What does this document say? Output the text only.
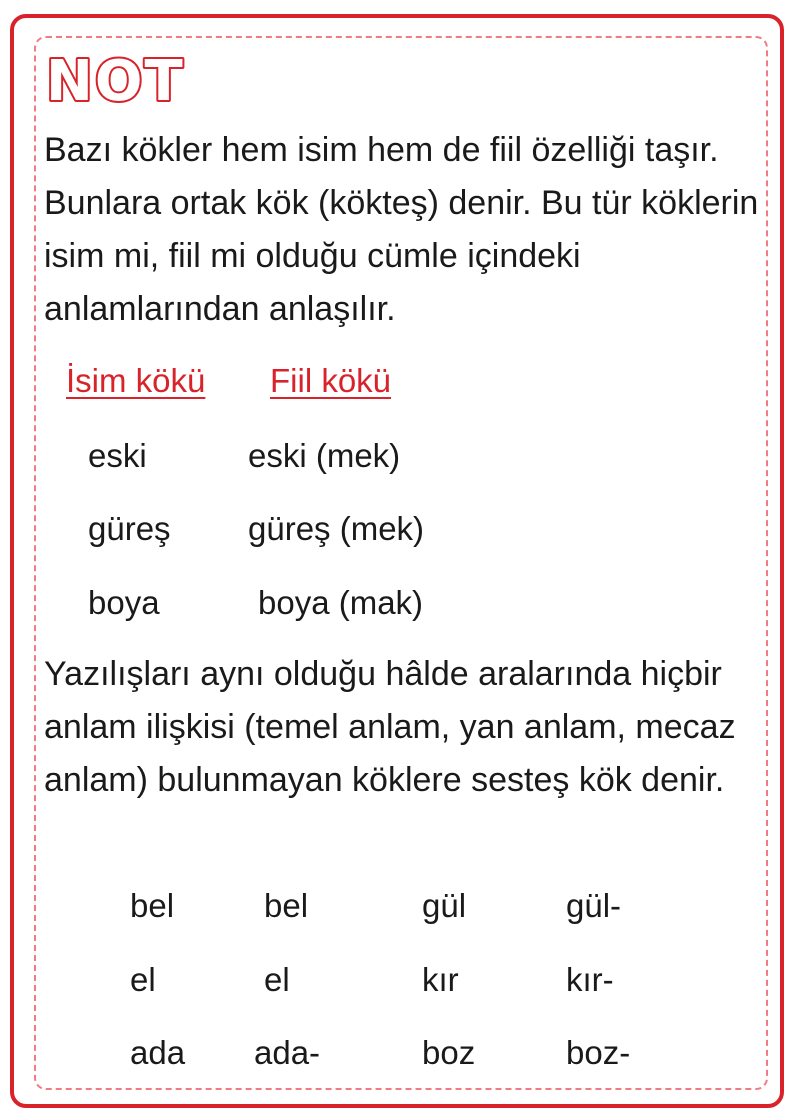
NOT

Bazı kökler hem isim hem de fiil özelliği taşır. Bunlara ortak kök (kökteş) denir. Bu tür köklerin isim mi, fiil mi olduğu cümle içindeki anlamlarından anlaşılır.

İsim kökü Fiil kökü
eski	eski (mek)
güreş güreş (mek)
boya	boya (mak)

Yazılışları aynı olduğu hâlde aralarında hiçbir anlam ilişkisi (temel anlam, yan anlam, mecaz anlam) bulunmayan köklere sesteş kök denir.

bel	bel	gül	gül-
el	el	kır	kır-
ada ada-	boz	boz-
